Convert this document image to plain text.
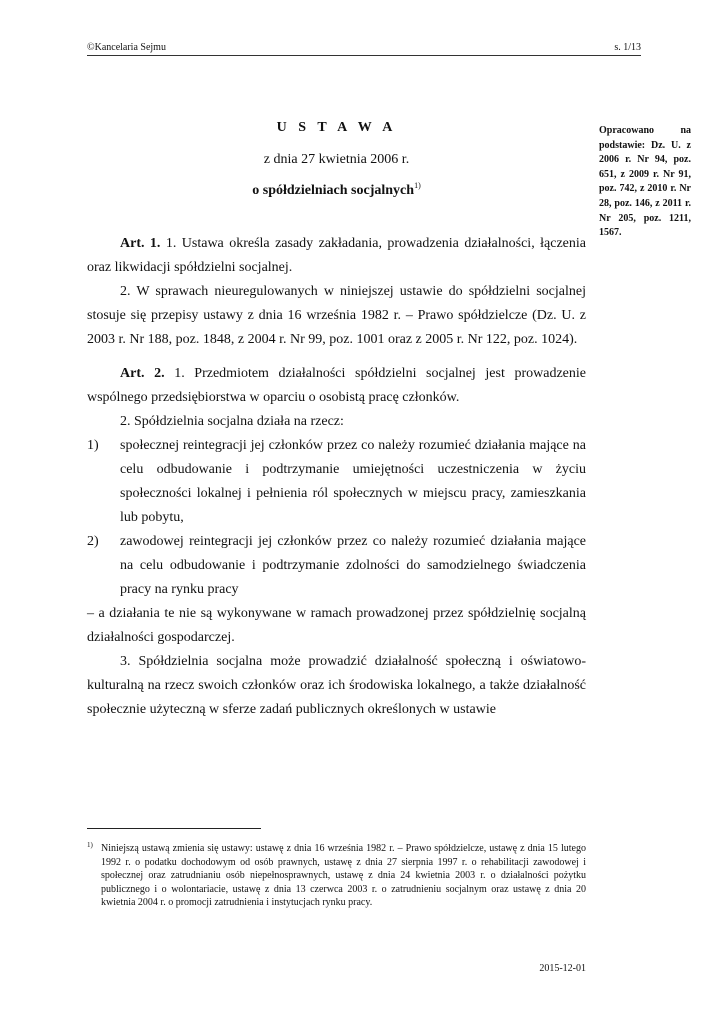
©Kancelaria Sejmu	s. 1/13
U S T A W A
z dnia 27 kwietnia 2006 r.
o spółdzielniach socjalnych$^{1)}$
Opracowano na podstawie: Dz. U. z 2006 r. Nr 94, poz. 651, z 2009 r. Nr 91, poz. 742, z 2010 r. Nr 28, poz. 146, z 2011 r. Nr 205, poz. 1211, 1567.
Art. 1. 1. Ustawa określa zasady zakładania, prowadzenia działalności, łączenia oraz likwidacji spółdzielni socjalnej.
2. W sprawach nieuregulowanych w niniejszej ustawie do spółdzielni socjalnej stosuje się przepisy ustawy z dnia 16 września 1982 r. – Prawo spółdzielcze (Dz. U. z 2003 r. Nr 188, poz. 1848, z 2004 r. Nr 99, poz. 1001 oraz z 2005 r. Nr 122, poz. 1024).
Art. 2. 1. Przedmiotem działalności spółdzielni socjalnej jest prowadzenie wspólnego przedsiębiorstwa w oparciu o osobistą pracę członków.
2. Spółdzielnia socjalna działa na rzecz:
1) społecznej reintegracji jej członków przez co należy rozumieć działania mające na celu odbudowanie i podtrzymanie umiejętności uczestniczenia w życiu społeczności lokalnej i pełnienia ról społecznych w miejscu pracy, zamieszkania lub pobytu,
2) zawodowej reintegracji jej członków przez co należy rozumieć działania mające na celu odbudowanie i podtrzymanie zdolności do samodzielnego świadczenia pracy na rynku pracy
– a działania te nie są wykonywane w ramach prowadzonej przez spółdzielnię socjalną działalności gospodarczej.
3. Spółdzielnia socjalna może prowadzić działalność społeczną i oświatowo-kulturalną na rzecz swoich członków oraz ich środowiska lokalnego, a także działalność społecznie użyteczną w sferze zadań publicznych określonych w ustawie
1) Niniejszą ustawą zmienia się ustawy: ustawę z dnia 16 września 1982 r. – Prawo spółdzielcze, ustawę z dnia 15 lutego 1992 r. o podatku dochodowym od osób prawnych, ustawę z dnia 27 sierpnia 1997 r. o rehabilitacji zawodowej i społecznej oraz zatrudnianiu osób niepełnosprawnych, ustawę z dnia 24 kwietnia 2003 r. o działalności pożytku publicznego i o wolontariacie, ustawę z dnia 13 czerwca 2003 r. o zatrudnieniu socjalnym oraz ustawę z dnia 20 kwietnia 2004 r. o promocji zatrudnienia i instytucjach rynku pracy.
2015-12-01
